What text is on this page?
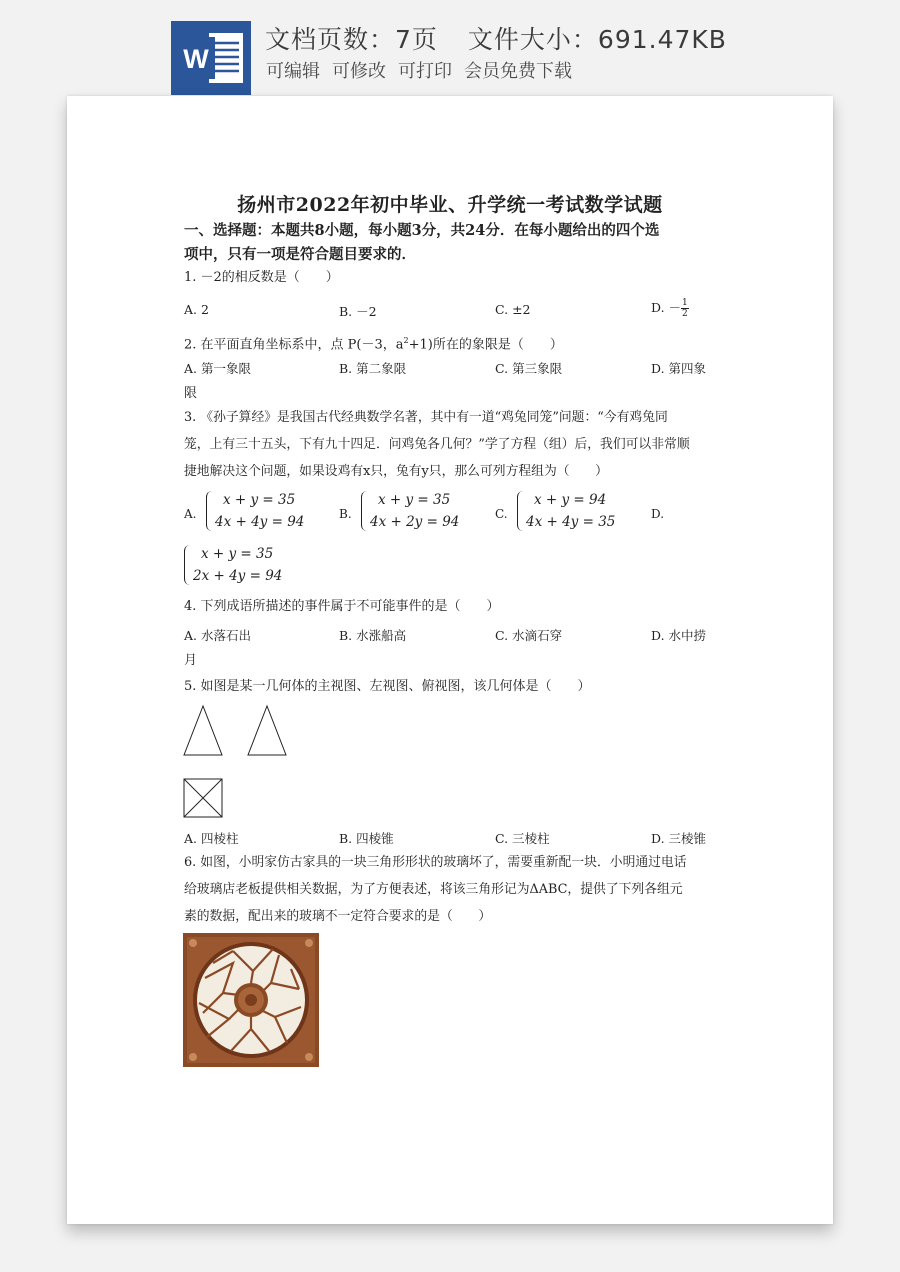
W
文档页数：7页 文件大小：691.47KB
可编辑 可修改 可打印 会员免费下载
扬州市2022年初中毕业、升学统一考试数学试题
一、选择题：本题共8小题，每小题3分，共24分．在每小题给出的四个选
项中，只有一项是符合题目要求的．
1. －2的相反数是（　　）
A. 2	B. －2	C. ±2	D. － $\frac{1}{2}$
2. 在平面直角坐标系中，点 P(－3，$a^2+1$)所在的象限是（　　）
A. 第一象限	B. 第二象限	C. 第三象限	D. 第四象
限
3. 《孙子算经》是我国古代经典数学名著，其中有一道“鸡兔同笼”问题：“今有鸡兔同
笼，上有三十五头，下有九十四足．问鸡兔各几何？”学了方程（组）后，我们可以非常顺
捷地解决这个问题，如果设鸡有x只，兔有y只，那么可列方程组为（　　）
A.
x + y = 35
4x + 4y = 94	B.
x + y = 35
4x + 2y = 94	C.
x + y = 94
4x + 4y = 35	D.
x + y = 35
2x + 4y = 94
4. 下列成语所描述的事件属于不可能事件的是（　　）
A. 水落石出	B. 水涨船高	C. 水滴石穿	D. 水中捞
月
5. 如图是某一几何体的主视图、左视图、俯视图，该几何体是（　　）
A. 四棱柱	B. 四棱锥	C. 三棱柱	D. 三棱锥
6. 如图，小明家仿古家具的一块三角形形状的玻璃坏了，需要重新配一块．小明通过电话
给玻璃店老板提供相关数据，为了方便表述，将该三角形记为ΔABC，提供了下列各组元
素的数据，配出来的玻璃不一定符合要求的是（　　）
